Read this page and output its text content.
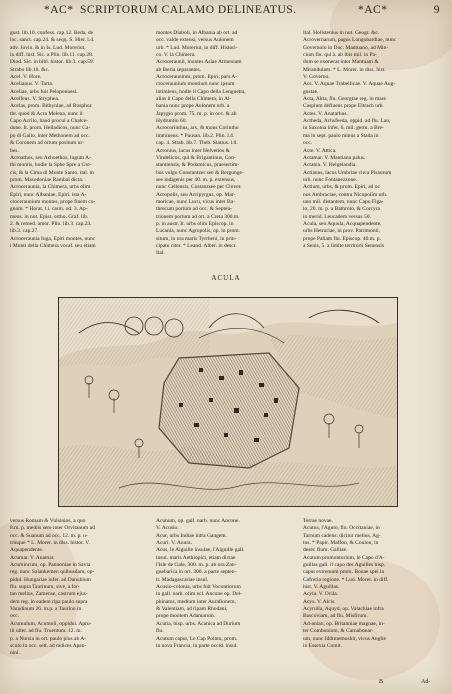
*AC* SCRIPTORUM CALAMO DELINEATUS.	*AC*	9

gust. lib.10. confess. cap.12. Beda, de

loc. sanct. cap.24. & seqq. S. Hier. l.4.

adv. Jovin. & in Is. Lud. Moreriut,

in diff. hist. Sic. a Plin. lib.11. cap.28.

Diod. Sic. in bibl. histor. lib.3. cap.59.

Strabo lib.16. &c.

Acel. V. Hore.

Acelianus. V. Tarta.

Aceliae, urbs fuit Peloponnesi.

Acelfeus. V. Stryphea.

Acelas, prom. Bithyniae, ad Bosphor.

thr. quod & Acra Melena, nunc il

Capo Acrilo, haud procul a Chalce-

done. It. prom. Helladicos, nunc Ca-

po di Gallo, inter Methonem ad occ.

& Coronem ad ortum positum ur-

bes.

Acroathos, seu Achoethos, lugum A-

thi montis, hodie la Sphe Spre a Gre-

cis, & la Cima di Monte Santo. ital. in

prom. Macedoniae Rambal dicta.

Acroceraunia, la Chimera, urbs olim

Epiri, nunc Albaniae, Epiri. ista A-

croceraunium montes, prope finem co-

gnom. * Horat. l.i. carm. od. 3. Ap-

meus. in not. Epist. ortho. Graf. lib.

2. & remed. amor. Plin. lib.3. cap.23.

lib.3. cap.27.

Acroceraunia Iuga, Epiri montes, nunc

i Monti della Chimera vocal. seu etiam

montes Diaboli, in Albania ab ort. ad

occ. valde extensi, versus Aulonem

urb. * Lud. Moreriut, in diff. Histori-

co. V. la Chimera.

Acroceraunii, montes Asiae Armeniam

ab Iberia separantes.

Acrocerauninm, prom. Epiri, pars A-

croceraunium montium nunc ipsum

intimiens, hodie il Capo della Lenguetta,

alias il Capo della Chimera, in Al-

bania nunc prope Aulonem urb. a

Japygio prom. 75. m. p. in occ. & ab

Hydruntio 60.

Acrocorinthus, arx, & mons Corintho

imminens. * Pausan. lib.2. Plin. l.4.

cap. 4. Strab. lib.7. Theb. Statius. l.8.

Acronius, lacus inter Helvetios &

Vindelicos, qui & Brigantinus, Con-

stantiensis, & Podamicus, praesertim-

bus vulgo Constantzer see & Bergunge-

see indigenis per 40. m. p. extensus,

nunc Cellensis, Costanzsee per Clover.

Acropolis, seu Acripyrgus, op. Mar-

moricae, nunc Lucu, vicus inter Ba-

threcum portum ad occ. & Septen-

trionem portum ad ort. a Creta 300.m.

p. in austr. It. urbs olim Episcop. in

Lucania, nunc Agropolis, op. in prom.

situm, in ora maris Tyrrheni, in prin-

cipatu citer. * Leand. Alber. in descr.

Ital.

Ital. Hollstenius in not. Geogr. &c.

Acrovernarum, pagus Longobardiae, nunc

Governolo in Duc. Mantuano, ad Min-

cium flu. qui à. ab ibis mil. in Pa-

dum se exonerat inter Mantuam &

Mirandulam. * L. Morer. in diss. hist.

V. Governo.

Acs. V. Aquae Trabellicae. V. Aquae Aug-

gustae.

Acta, Akta, flu. Georgiae reg. in mare

Caspium defluens prope Eltrach urb.

Actes. V. Anatarhus.

Actheda, Achsfeeda, oppid. ad flu. Lau,

in Saxonia infer. 6. mil. germ. a Bre-

ma in sept. paulo minus a Stada in

occ.

Acte. V. Attica.

Actamar. V. Mantiana palus.

Actania. V. Helgelandia.

Actianus, lacus Umbriae circa Pisaurum

urb. nunc Fontanezzone.

Actium, urbs, & prom. Epiri, ad oc

nos Ambraciae, contra Nicopolim urb.

uno mil. distantem, nunc Capo Figa-

lo, 20. m. p. a Bathroto, & Corcyra

in merid. Leucadem versus 50.

Acula, seu Aquula, Acquapendente,

urbs Hetruriae, in prov. Patrimonii,

prope Paliam flu. Episcop. 40.m. p.

a Senis, 5. a limite territorii Senensis

ACULA

versus Romam & Vulsinios, a quo

8.m. p. mediis sere inter Orvitanum ad

occ. & Suanum ad occ. 12. m. p. u-

trinque * L. Morer. in diss. histor. V.

Aquapendente.

Acumar. V. Anamar.

Acumincum, op. Pannoniae in Savia

reg. nunc Salankemen quibusdam, op-

pidul. Hungariae infer. ad Danubium

flu. supra Taurinum, sive, a for-

tan melius, Zamense, castrum ejus-

dem reg. in eadem ripa paulo supra

Varadinum 26. m.p. a Taurino in

occ.

Acumulum, Acumoli, oppidul. Apru-

tii ulter. ad flu. Truentum. 12. m.

p. a Nursia in ort. paulo plus ab A-

sculo in occ. sett. ad radices Apen-

nini.

Acunum, op. gall. narb. nunc Ancone.

V. Acusio.

Acur, urbs Indiae intra Gangem.

Acuri. V. Anura.

Acus, le Aiguille insulae, l'Aiguille gall.

insul. maris Aethiopici, etiam dictae

l'Isle de Gale, 300. m. p. ab ora Zan-

guebarica in ort. 300. a parte septen-

tr. Madagascariae insul.

Acusio-colonia, urbs fuit Vocontiorum

in gall. narb. olim ecl. Ancone op. Del-

phinatus, medium inter Aurafionem,

& Valentiam, ad ripam Rhodani,

prope montem Adamarum.

Acutia, hisp. urbs. Acanica ad Durium

flu.

Acutum caput, Le Cap Pointu, prom.

in nova Francia, in parte occid. insul.

Terrae novae.

Acutus, l'Aguto, flu. Occitaniae, in

Tarnum cadens: dicitur melius, Ag-

tus. * Papir. Maffon, & Coulon, in

deser. flum. Galliae.

Acutum promontorium, le Capo d'A-

guillas gall. il capo des Aguilles hisp.

caput extremum prom. Bonae spei in

Cafreria regione. * Lud. Morer. in diff.

hist. V. Aguillas.

Acyla. V. Ocila.

Acys. V. Alcis.

Acyrulla, Aquyd, op. Valachiae infra

Bascoviam, ad flu. Misfirum.

Ad-anian, op. Britanniae magnae, in-

ter Combonium, & Carnabonar-

um, nunc Iddtmemoshir, vicus Anglie

in Essexia Comit.

B	Ad-
